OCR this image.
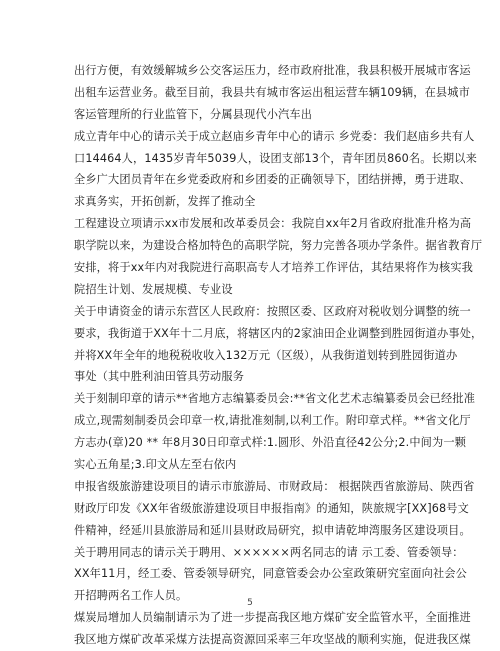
出行方便，有效缓解城乡公交客运压力，经市政府批准，我县积极开展城市客运
出租车运营业务。截至目前，我县共有城市客运出租运营车辆109辆，在县城市
客运管理所的行业监管下，分属县现代小汽车出
成立青年中心的请示关于成立赵庙乡青年中心的请示 乡党委：我们赵庙乡共有人
口14464人，1435岁青年5039人，设团支部13个，青年团员860名。长期以来
全乡广大团员青年在乡党委政府和乡团委的正确领导下，团结拼搏，勇于进取、
求真务实，开拓创新，发挥了推动全
工程建设立项请示xx市发展和改革委员会：我院自xx年2月省政府批准升格为高
职学院以来，为建设合格加特色的高职学院，努力完善各项办学条件。据省教育厅
安排，将于xx年内对我院进行高职高专人才培养工作评估，其结果将作为核实我
院招生计划、发展规模、专业设
关于申请资金的请示东营区人民政府：按照区委、区政府对税收划分调整的统一
要求，我街道于XX年十二月底，将辖区内的2家油田企业调整到胜园街道办事处，
并将XX年全年的地税税收收入132万元（区级），从我街道划转到胜园街道办
事处（其中胜利油田管具劳动服务
关于刻制印章的请示**省地方志编纂委员会:**省文化艺术志编纂委员会已经批准
成立,现需刻制委员会印章一枚,请批准刻制,以利工作。附印章式样。**省文化厅
方志办(章)20 ** 年8月30日印章式样:1.圆形、外沿直径42公分;2.中间为一颗
实心五角星;3.印文从左至右依内
申报省级旅游建设项目的请示市旅游局、市财政局： 根据陕西省旅游局、陕西省
财政厅印发《XX年省级旅游建设项目申报指南》的通知，陕旅规字[XX]68号文
件精神，经延川县旅游局和延川县财政局研究，拟申请乾坤湾服务区建设项目。
关于聘用同志的请示关于聘用、××××××两名同志的请 示工委、管委领导：
XX年11月，经工委、管委领导研究，同意管委会办公室政策研究室面向社会公
开招聘两名工作人员。
煤炭局增加人员编制请示为了进一步提高我区地方煤矿安全监管水平，全面推进
我区地方煤矿改革采煤方法提高资源回采率三年攻坚战的顺利实施，促进我区煤
5
